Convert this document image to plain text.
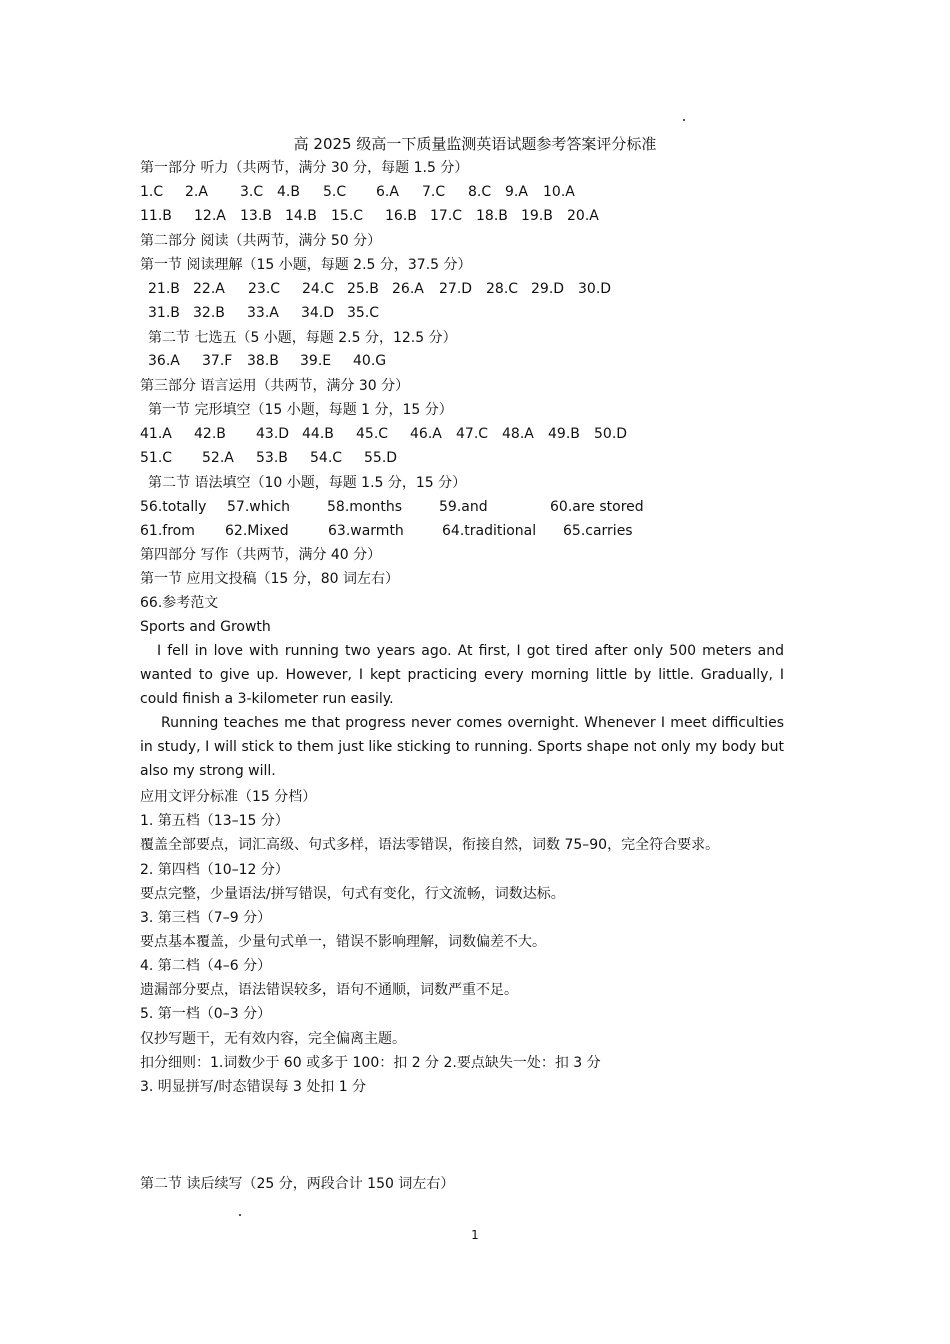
高 2025 级高一下质量监测英语试题参考答案评分标准
第一部分 听力（共两节，满分 30 分，每题 1.5 分）
1.C 2.A 3.C 4.B 5.C 6.A 7.C 8.C 9.A 10.A
11.B 12.A 13.B 14.B 15.C 16.B 17.C 18.B 19.B 20.A
第二部分 阅读（共两节，满分 50 分）
第一节 阅读理解（15 小题，每题 2.5 分，37.5 分）
21.B 22.A 23.C 24.C 25.B 26.A 27.D 28.C 29.D 30.D
31.B 32.B 33.A 34.D 35.C
第二节 七选五（5 小题，每题 2.5 分，12.5 分）
36.A 37.F 38.B 39.E 40.G
第三部分 语言运用（共两节，满分 30 分）
第一节 完形填空（15 小题，每题 1 分，15 分）
41.A 42.B 43.D 44.B 45.C 46.A 47.C 48.A 49.B 50.D
51.C 52.A 53.B 54.C 55.D
第二节 语法填空（10 小题，每题 1.5 分，15 分）
56.totally 57.which	58.months	59.and	60.are stored
61.from 62.Mixed	63.warmth	64.traditional 65.carries
第四部分 写作（共两节，满分 40 分）
第一节 应用文投稿（15 分，80 词左右）
66.参考范文
Sports and Growth
I fell in love with running two years ago. At first, I got tired after only 500 meters and wanted to give up. However, I kept practicing every morning little by little. Gradually, I could finish a 3-kilometer run easily.
Running teaches me that progress never comes overnight. Whenever I meet difficulties in study, I will stick to them just like sticking to running. Sports shape not only my body but also my strong will.
应用文评分标准（15 分档）
1. 第五档（13–15 分）
覆盖全部要点，词汇高级、句式多样，语法零错误，衔接自然，词数 75–90，完全符合要求。
2. 第四档（10–12 分）
要点完整，少量语法/拼写错误，句式有变化，行文流畅，词数达标。
3. 第三档（7–9 分）
要点基本覆盖，少量句式单一，错误不影响理解，词数偏差不大。
4. 第二档（4–6 分）
遗漏部分要点，语法错误较多，语句不通顺，词数严重不足。
5. 第一档（0–3 分）
仅抄写题干，无有效内容，完全偏离主题。
扣分细则：1.词数少于 60 或多于 100：扣 2 分 2.要点缺失一处：扣 3 分
3. 明显拼写/时态错误每 3 处扣 1 分
第二节 读后续写（25 分，两段合计 150 词左右）
1
